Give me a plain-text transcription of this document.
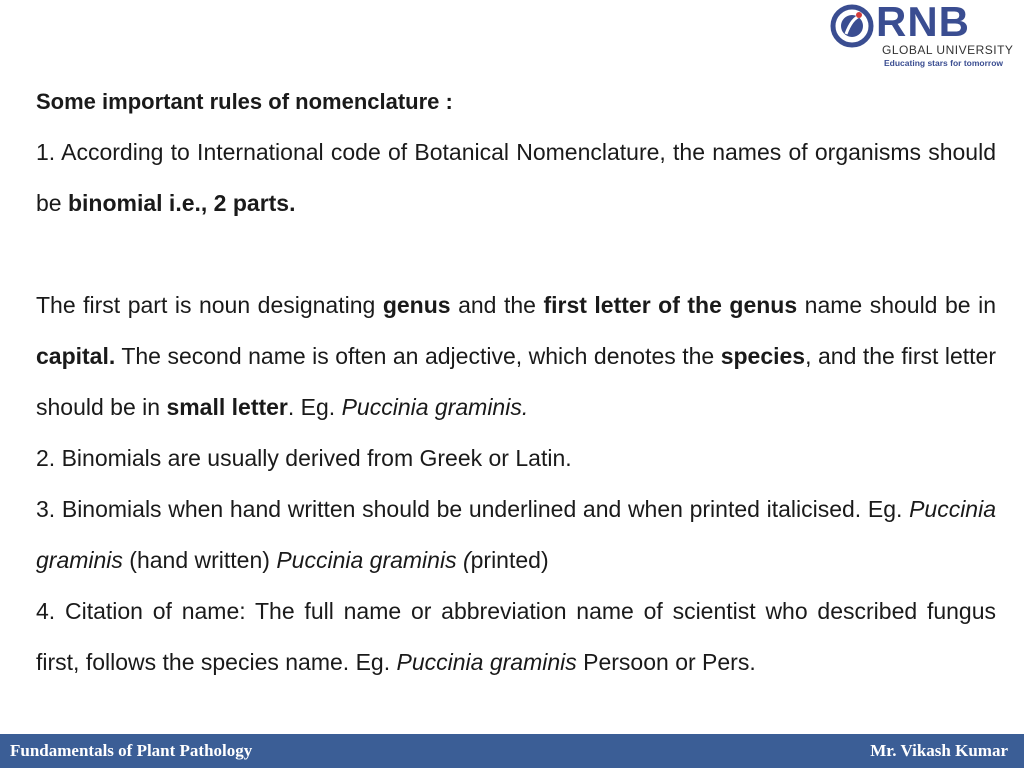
RNB
GLOBAL UNIVERSITY
Educating stars for tomorrow

Some important rules of nomenclature :

1. According to International code of Botanical Nomenclature, the names of organisms should be binomial i.e., 2 parts.

The first part is noun designating genus and the first letter of the genus name should be in capital. The second name is often an adjective, which denotes the species, and the first letter should be in small letter. Eg. Puccinia graminis.

2. Binomials are usually derived from Greek or Latin.

3. Binomials when hand written should be underlined and when printed italicised. Eg. Puccinia graminis (hand written) Puccinia graminis (printed)

4. Citation of name: The full name or abbreviation name of scientist who described fungus first, follows the species name. Eg. Puccinia graminis Persoon or Pers.

Fundamentals of Plant Pathology	Mr. Vikash Kumar
